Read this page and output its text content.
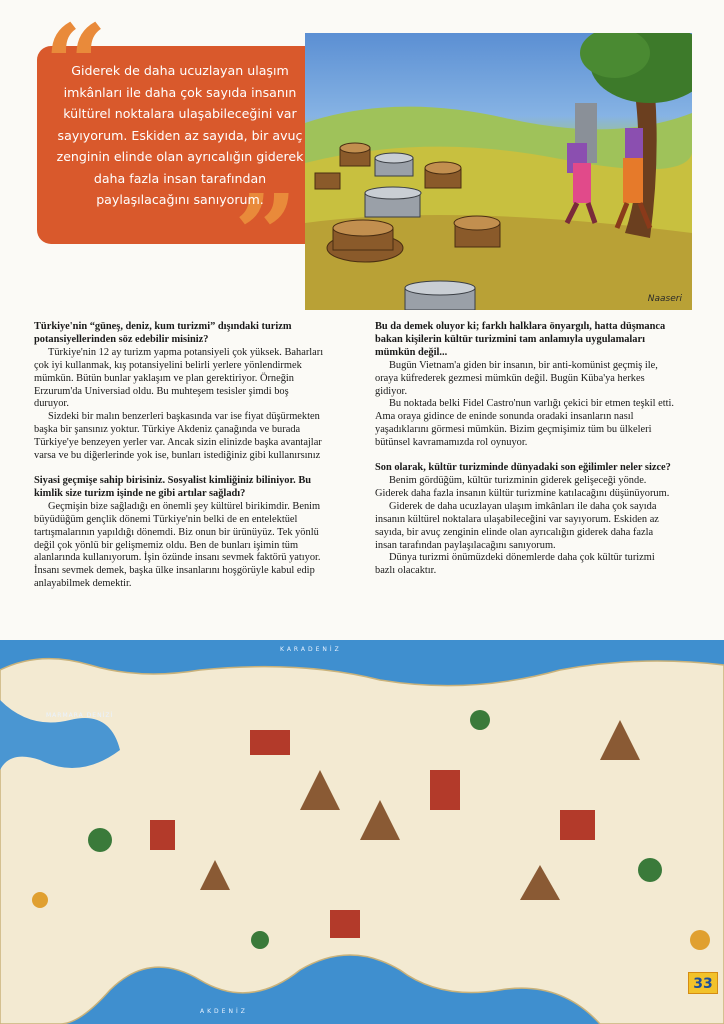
Giderek de daha ucuzlayan ulaşım imkânları ile daha çok sayıda insanın kültürel noktalara ulaşabileceğini var sayıyorum. Eskiden az sayıda, bir avuç zenginin elinde olan ayrıcalığın giderek daha fazla insan tarafından paylaşılacağını sanıyorum.

“
”	Naaseri
Türkiye'nin “güneş, deniz, kum turizmi” dışındaki turizm potansiyellerinden söz edebilir misiniz?

Türkiye'nin 12 ay turizm yapma potansiyeli çok yüksek. Baharları çok iyi kullanmak, kış potansiyelini belirli yerlere yönlendirmek mümkün. Bütün bunlar yaklaşım ve plan gerektiriyor. Örneğin Erzurum'da Universiad oldu. Bu muhteşem tesisler şimdi boş duruyor.

Sizdeki bir malın benzerleri başkasında var ise fiyat düşürmekten başka bir şansınız yoktur. Türkiye Akdeniz çanağında ve burada Türkiye'ye benzeyen yerler var. Ancak sizin elinizde başka avantajlar varsa ve bu diğerlerinde yok ise, bunları istediğiniz gibi kullanırsınız

Siyasi geçmişe sahip birisiniz. Sosyalist kimliğiniz biliniyor. Bu kimlik size turizm işinde ne gibi artılar sağladı?

Geçmişin bize sağladığı en önemli şey kültürel birikimdir. Benim büyüdüğüm gençlik dönemi Türkiye'nin belki de en entelektüel tartışmalarının yapıldığı dönemdi. Biz onun bir ürünüyüz. Tek yönlü değil çok yönlü bir gelişmemiz oldu. Ben de bunları işimin tüm alanlarında kullanıyorum. İşin özünde insanı sevmek faktörü yatıyor. İnsanı sevmek demek, başka ülke insanlarını hoşgörüyle kabul edip anlayabilmek demektir.

Bu da demek oluyor ki; farklı halklara önyargılı, hatta düşmanca bakan kişilerin kültür turizmini tam anlamıyla uygulamaları mümkün değil...

Bugün Vietnam'a giden bir insanın, bir anti-komünist geçmiş ile, oraya küfrederek gezmesi mümkün değil. Bugün Küba'ya herkes gidiyor.

Bu noktada belki Fidel Castro'nun varlığı çekici bir etmen teşkil etti. Ama oraya gidince de eninde sonunda oradaki insanların nasıl yaşadıklarını görmesi mümkün. Bizim geçmişimiz tüm bu ülkeleri bütünsel kavramamızda rol oynuyor.

Son olarak, kültür turizminde dünyadaki son eğilimler neler sizce?

Benim gördüğüm, kültür turizminin giderek gelişeceği yönde. Giderek daha fazla insanın kültür turizmine katılacağını düşünüyorum.

Giderek de daha ucuzlayan ulaşım imkânları ile daha çok sayıda insanın kültürel noktalara ulaşabileceğini var sayıyorum. Eskiden az sayıda, bir avuç zenginin elinde olan ayrıcalığın giderek daha fazla insan tarafından paylaşılacağını sanıyorum.

Dünya turizmi önümüzdeki dönemlerde daha çok kültür turizmi bazlı olacaktır.

KARADENİZ
MARMARA DENİZİ
AKDENİZ
33
